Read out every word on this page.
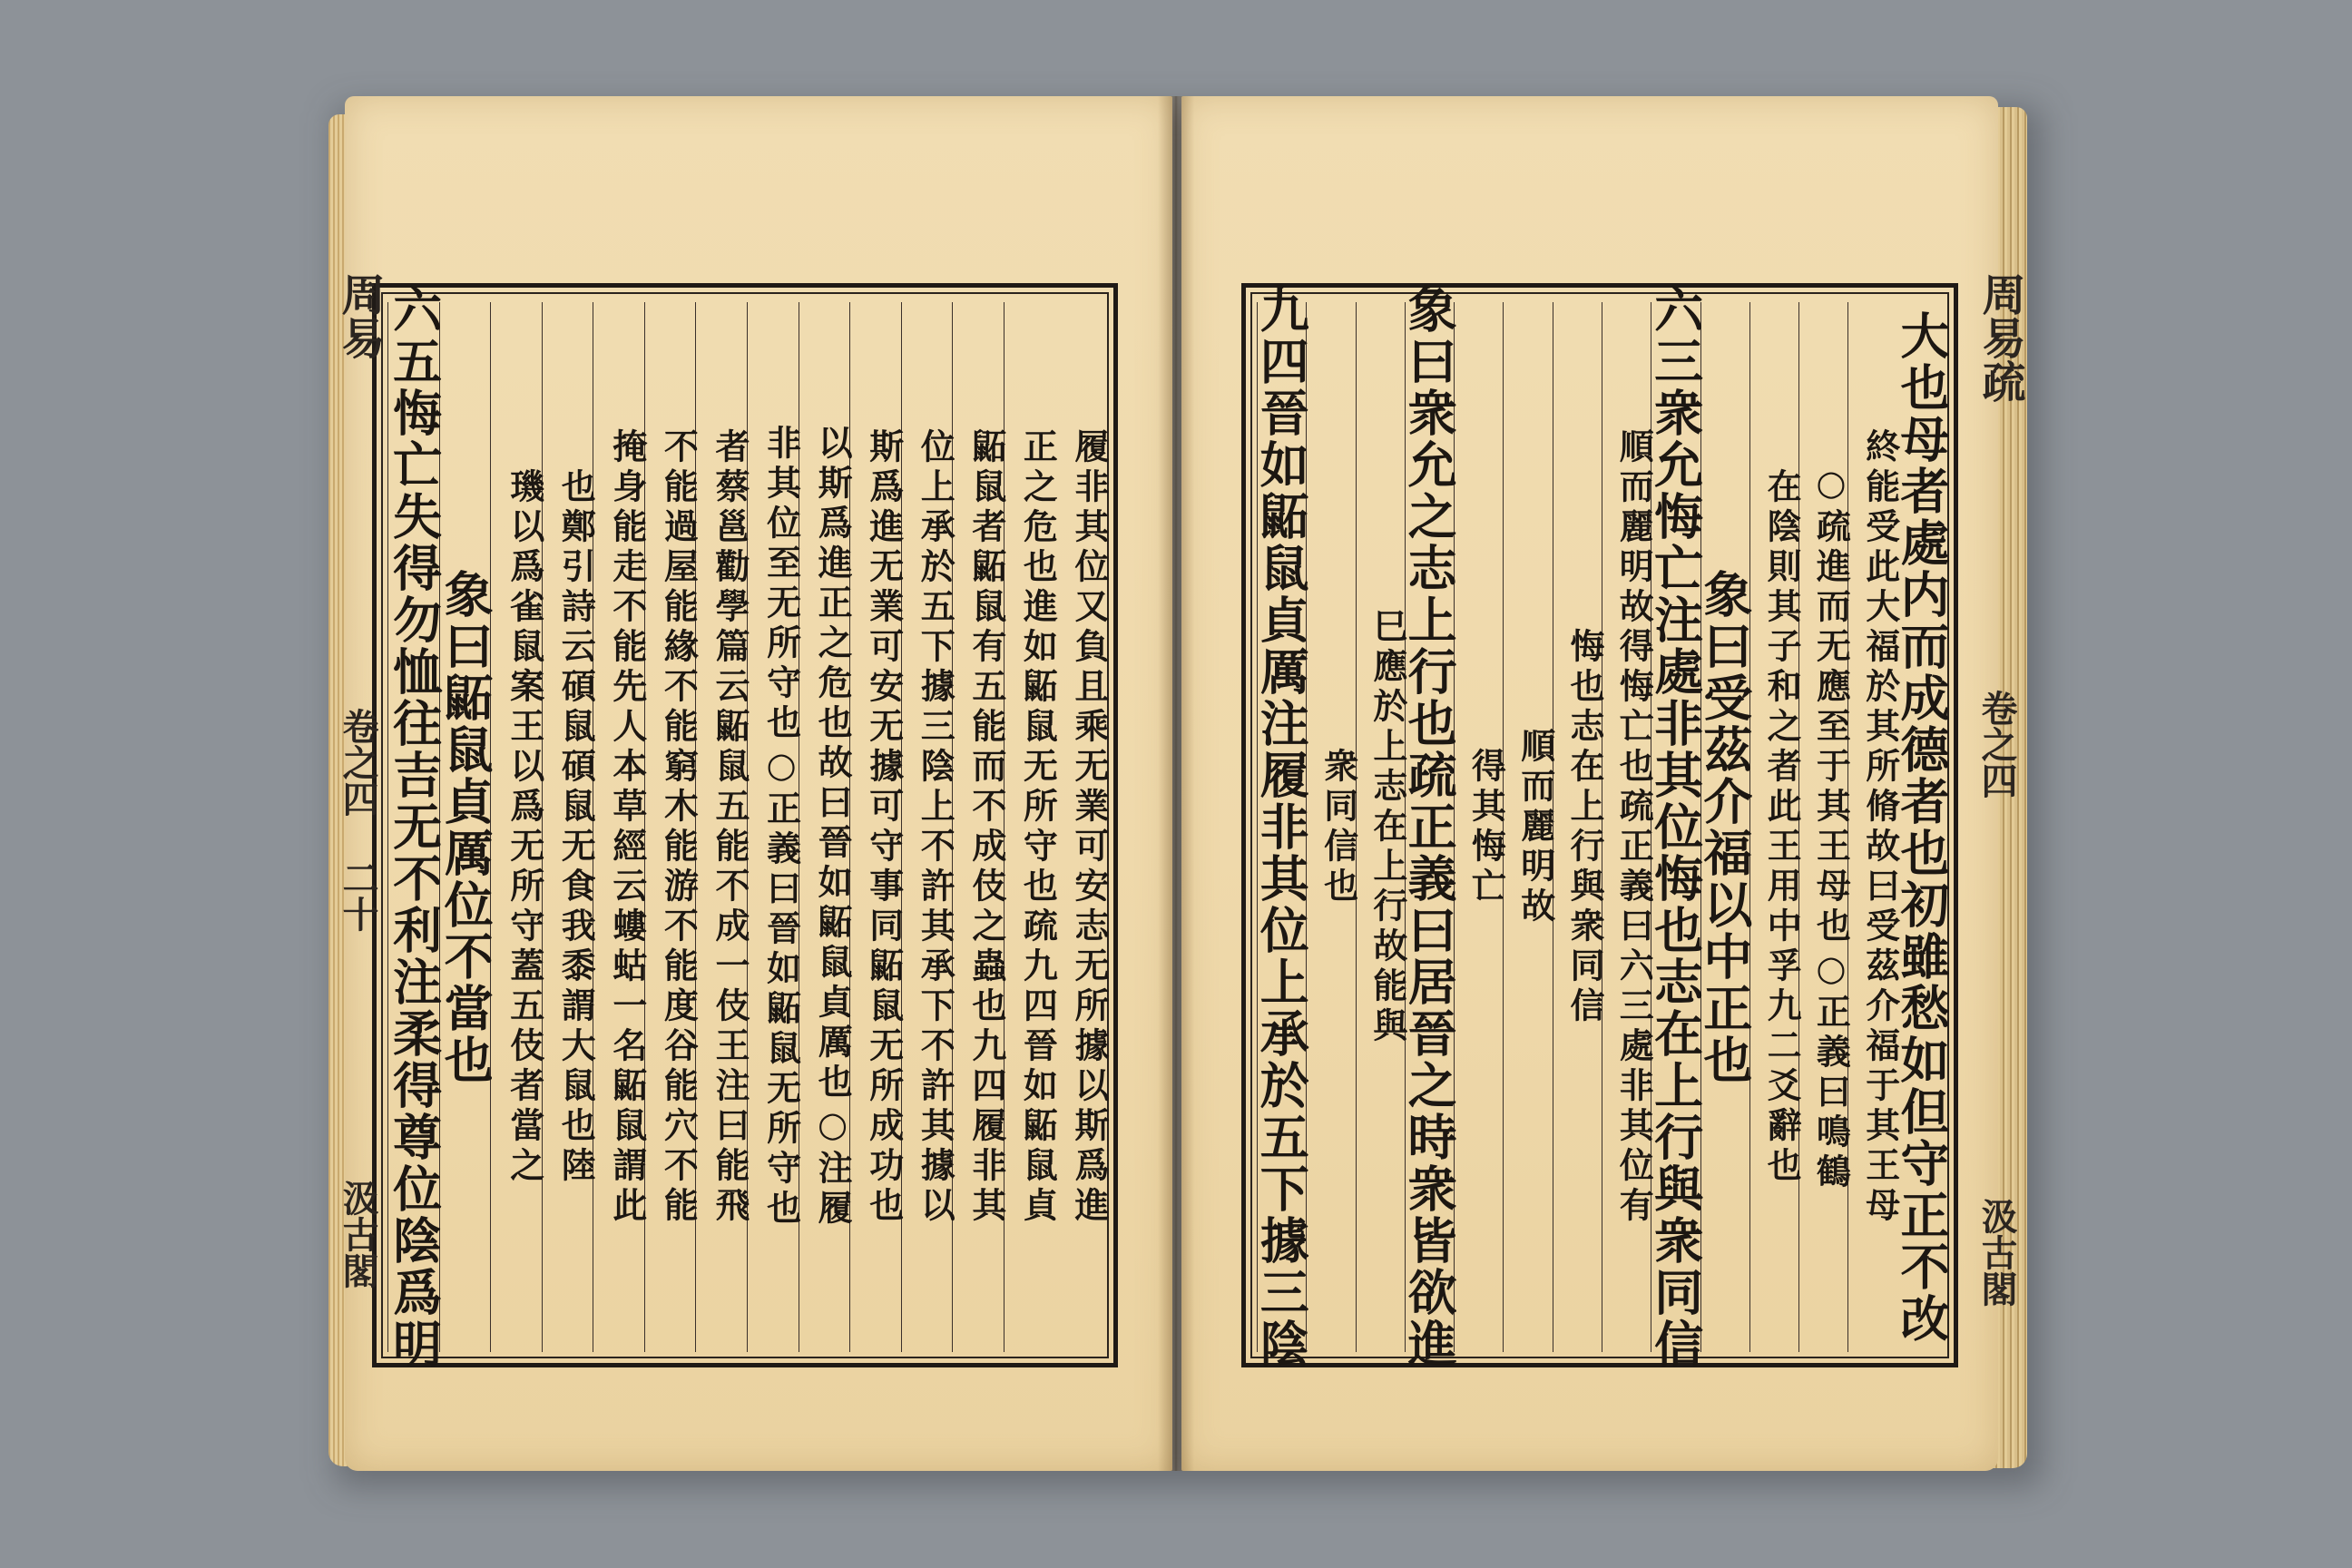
履非其位又負且乘无業可安志无所據以斯爲進
正之危也進如鼫鼠无所守也疏九四晉如鼫鼠貞
鼫鼠者鼫鼠有五能而不成伎之蟲也九四履非其
位上承於五下據三陰上不許其承下不許其據以
斯爲進无業可安无據可守事同鼫鼠无所成功也
以斯爲進正之危也故曰晉如鼫鼠貞厲也○注履
非其位至无所守也○正義曰晉如鼫鼠无所守也
者蔡邕勸學篇云鼫鼠五能不成一伎王注曰能飛
不能過屋能緣不能窮木能游不能度谷能穴不能
掩身能走不能先人本草經云螻蛄一名鼫鼠謂此
也鄭引詩云碩鼠碩鼠无食我黍謂大鼠也陸
璣以爲雀鼠案王以爲无所守蓋五伎者當之
象曰鼫鼠貞厲位不當也
六五悔亡失得勿恤往吉无不利注柔得尊位陰爲明	大也母者處内而成德者也初雖愁如但守正不改
終能受此大福於其所脩故曰受茲介福于其王母
○疏進而无應至于其王母也○正義曰鳴鶴
在陰則其子和之者此王用中孚九二爻辭也
象曰受茲介福以中正也
六三衆允悔亡注處非其位悔也志在上行與衆同信
順而麗明故得悔亡也疏正義曰六三處非其位有
悔也志在上行與衆同信
順而麗明故
得其悔亡
象曰衆允之志上行也疏正義曰居晉之時衆皆欲進
巳應於上志在上行故能與
衆同信也
九四晉如鼫鼠貞厲注履非其位上承於五下據三陰
周易
卷之四 二十
汲古閣
周易疏
卷之四
汲古閣
